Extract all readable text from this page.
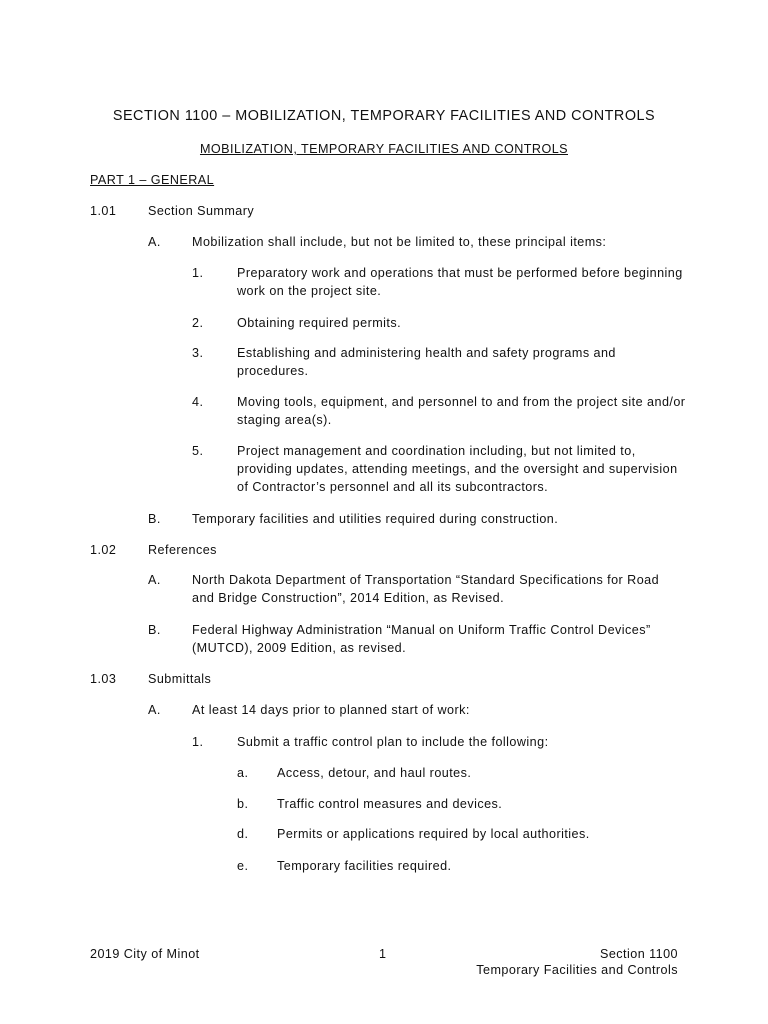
SECTION 1100 – MOBILIZATION, TEMPORARY FACILITIES AND CONTROLS
MOBILIZATION, TEMPORARY FACILITIES AND CONTROLS
PART 1 – GENERAL
1.01	Section Summary
A. Mobilization shall include, but not be limited to, these principal items:
1.	Preparatory work and operations that must be performed before beginning work on the project site.
2.	Obtaining required permits.
3.	Establishing and administering health and safety programs and procedures.
4.	Moving tools, equipment, and personnel to and from the project site and/or staging area(s).
5.	Project management and coordination including, but not limited to, providing updates, attending meetings, and the oversight and supervision of Contractor’s personnel and all its subcontractors.
B. Temporary facilities and utilities required during construction.
1.02	References
A. North Dakota Department of Transportation “Standard Specifications for Road and Bridge Construction”, 2014 Edition, as Revised.
B. Federal Highway Administration “Manual on Uniform Traffic Control Devices” (MUTCD), 2009 Edition, as revised.
1.03	Submittals
A. At least 14 days prior to planned start of work:
1.	Submit a traffic control plan to include the following:
a. Access, detour, and haul routes.
b. Traffic control measures and devices.
d. Permits or applications required by local authorities.
e. Temporary facilities required.
2019 City of Minot	1	Section 1100
Temporary Facilities and Controls
